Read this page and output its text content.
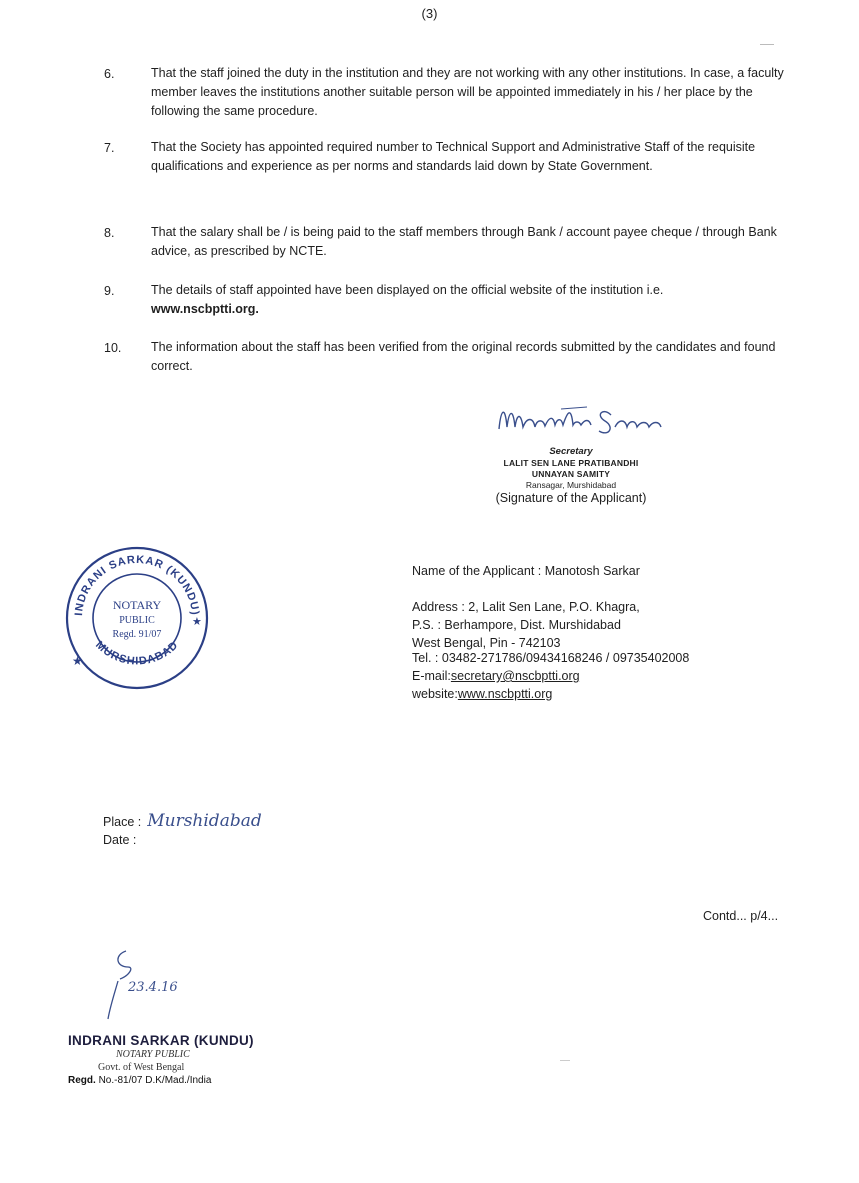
(3)
6.	That the staff joined the duty in the institution and they are not working with any other institutions. In case, a faculty member leaves the institutions another suitable person will be appointed immediately in his / her place by the following the same procedure.
7.	That the Society has appointed required number to Technical Support and Administrative Staff of the requisite qualifications and experience as per norms and standards laid down by State Government.
8.	That the salary shall be / is being paid to the staff members through Bank / account payee cheque / through Bank advice, as prescribed by NCTE.
9.	The details of staff appointed have been displayed on the official website of the institution i.e.
www.nscbptti.org.
10. The information about the staff has been verified from the original records submitted by the candidates and found correct.
Secretary
LALIT SEN LANE PRATIBANDHI
UNNAYAN SAMITY
Ransagar, Murshidabad
(Signature of the Applicant)
INDRANI SARKAR (KUNDU)
MURSHIDABAD
NOTARY
PUBLIC
Regd. 91/07
★
★
Name of the Applicant : Manotosh Sarkar
Address : 2, Lalit Sen Lane, P.O. Khagra,
P.S. : Berhampore, Dist. Murshidabad
West Bengal, Pin - 742103
Tel. : 03482-271786/09434168246 / 09735402008
E-mail:secretary@nscbptti.org
website:www.nscbptti.org
Place : Murshidabad
Date :
Contd... p/4...
23.4.16
INDRANI SARKAR (KUNDU)
NOTARY PUBLIC
Govt. of West Bengal
Regd. No.-81/07 D.K/Mad./India
